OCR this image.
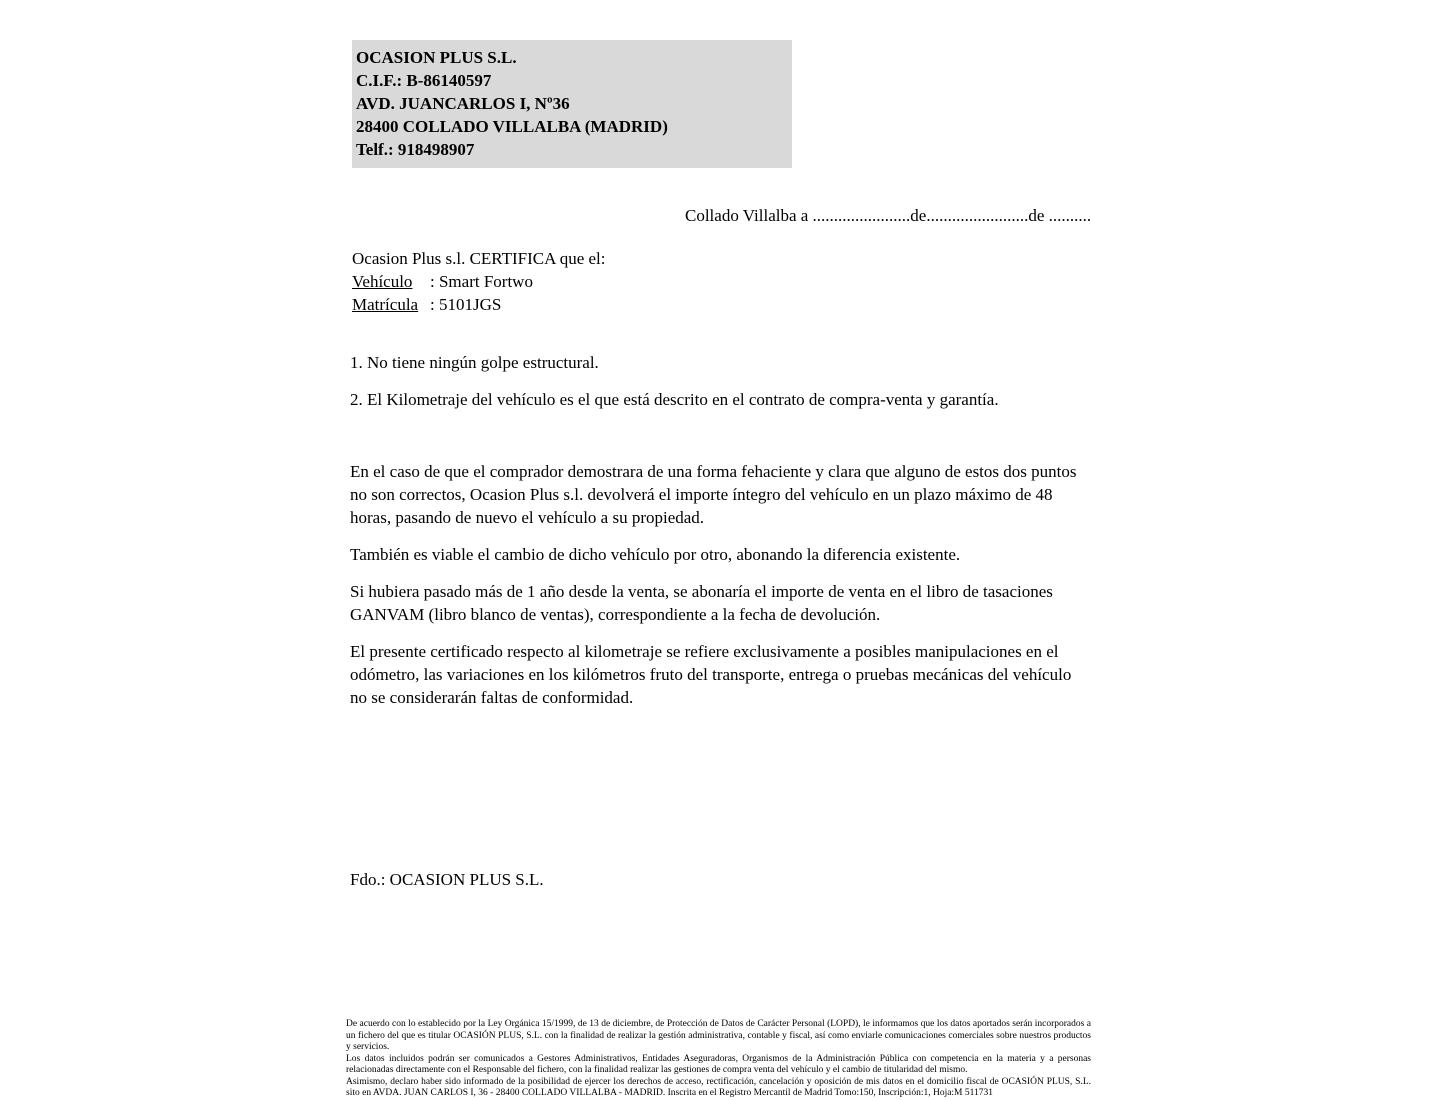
OCASION PLUS S.L.
C.I.F.: B-86140597
AVD. JUANCARLOS I, Nº36
28400 COLLADO VILLALBA (MADRID)
Telf.: 918498907
Collado Villalba a .......................de........................de ..........
Ocasion Plus s.l. CERTIFICA que el:
Vehículo : Smart Fortwo
Matrícula : 5101JGS

1. No tiene ningún golpe estructural.

2. El Kilometraje del vehículo es el que está descrito en el contrato de compra-venta y garantía.

En el caso de que el comprador demostrara de una forma fehaciente y clara que alguno de estos dos puntos no son correctos, Ocasion Plus s.l. devolverá el importe íntegro del vehículo en un plazo máximo de 48 horas, pasando de nuevo el vehículo a su propiedad.

También es viable el cambio de dicho vehículo por otro, abonando la diferencia existente.

Si hubiera pasado más de 1 año desde la venta, se abonaría el importe de venta en el libro de tasaciones GANVAM (libro blanco de ventas), correspondiente a la fecha de devolución.

El presente certificado respecto al kilometraje se refiere exclusivamente a posibles manipulaciones en el odómetro, las variaciones en los kilómetros fruto del transporte, entrega o pruebas mecánicas del vehículo no se considerarán faltas de conformidad.

Fdo.: OCASION PLUS S.L.

De acuerdo con lo establecido por la Ley Orgánica 15/1999, de 13 de diciembre, de Protección de Datos de Carácter Personal (LOPD), le informamos que los datos aportados serán incorporados a un fichero del que es titular OCASIÓN PLUS, S.L. con la finalidad de realizar la gestión administrativa, contable y fiscal, así como enviarle comunicaciones comerciales sobre nuestros productos y servicios.

Los datos incluidos podrán ser comunicados a Gestores Administrativos, Entidades Aseguradoras, Organismos de la Administración Pública con competencia en la materia y a personas relacionadas directamente con el Responsable del fichero, con la finalidad realizar las gestiones de compra venta del vehículo y el cambio de titularidad del mismo.

Asimismo, declaro haber sido informado de la posibilidad de ejercer los derechos de acceso, rectificación, cancelación y oposición de mis datos en el domicilio fiscal de OCASIÓN PLUS, S.L. sito en AVDA. JUAN CARLOS I, 36 - 28400 COLLADO VILLALBA - MADRID. Inscrita en el Registro Mercantil de Madrid Tomo:150, Inscripción:1, Hoja:M 511731
